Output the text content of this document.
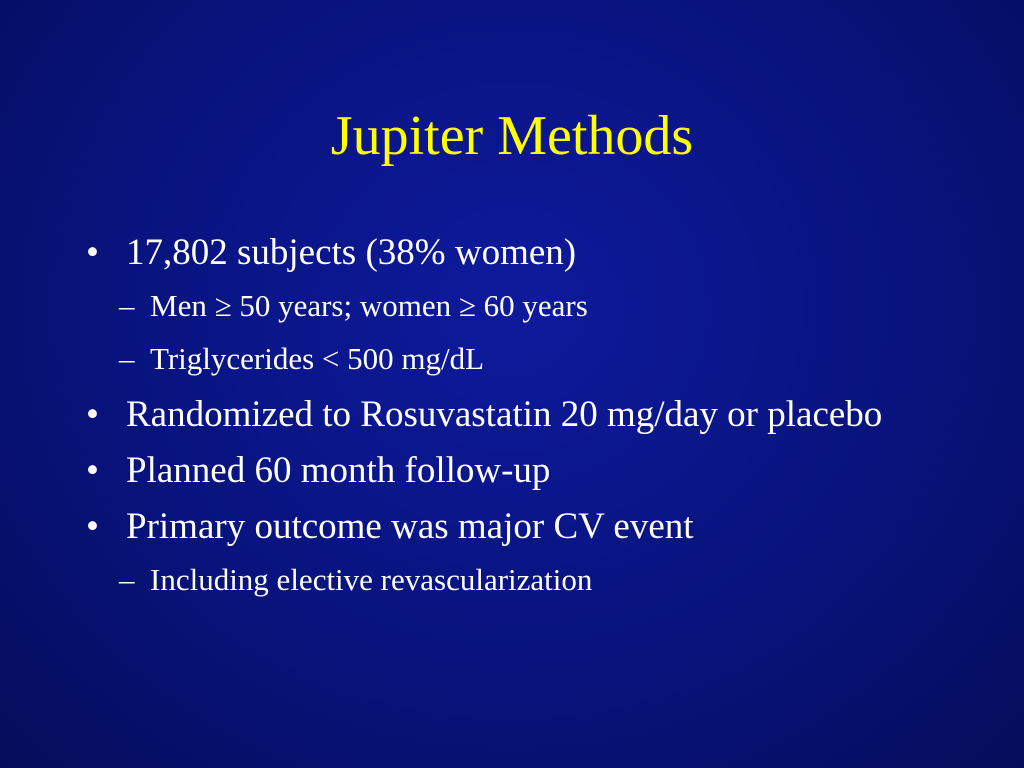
Jupiter Methods
• 17,802 subjects (38% women)
– Men ≥ 50 years; women ≥ 60 years
– Triglycerides < 500 mg/dL
• Randomized to Rosuvastatin 20 mg/day or placebo
• Planned 60 month follow-up
• Primary outcome was major CV event
– Including elective revascularization
